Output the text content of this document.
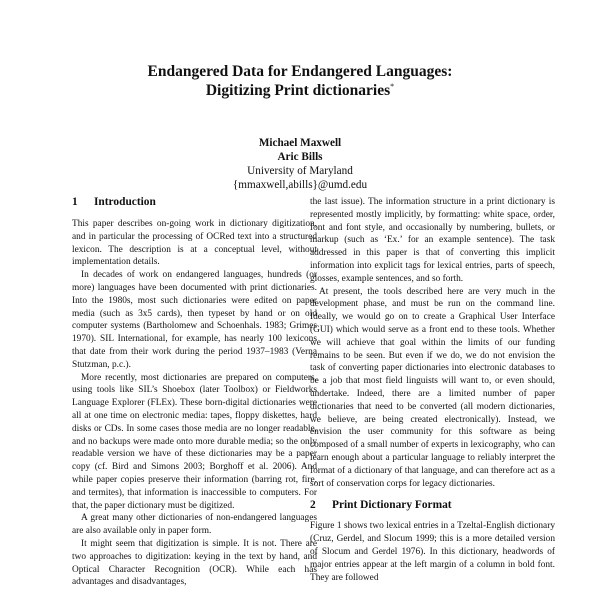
Endangered Data for Endangered Languages:
Digitizing Print dictionaries*
Michael Maxwell
Aric Bills
University of Maryland
{mmaxwell,abills}@umd.edu
1 Introduction

This paper describes on-going work in dictionary digitization, and in particular the processing of OCRed text into a structured lexicon. The description is at a conceptual level, without implementation details.

In decades of work on endangered languages, hundreds (or more) languages have been documented with print dictionaries. Into the 1980s, most such dictionaries were edited on paper media (such as 3x5 cards), then typeset by hand or on old computer systems (Bartholomew and Schoenhals. 1983; Grimes 1970). SIL International, for example, has nearly 100 lexicons that date from their work during the period 1937–1983 (Verna Stutzman, p.c.).

More recently, most dictionaries are prepared on computers, using tools like SIL’s Shoebox (later Toolbox) or Fieldworks Language Explorer (FLEx). These born-digital dictionaries were all at one time on electronic media: tapes, floppy diskettes, hard disks or CDs. In some cases those media are no longer readable, and no backups were made onto more durable media; so the only readable version we have of these dictionaries may be a paper copy (cf. Bird and Simons 2003; Borghoff et al. 2006). And while paper copies preserve their information (barring rot, fire, and termites), that information is inaccessible to computers. For that, the paper dictionary must be digitized.

A great many other dictionaries of non-endangered languages are also available only in paper form.

It might seem that digitization is simple. It is not. There are two approaches to digitization: keying in the text by hand, and Optical Character Recognition (OCR). While each has advantages and disadvantages,

the last issue). The information structure in a print dictionary is represented mostly implicitly, by formatting: white space, order, font and font style, and occasionally by numbering, bullets, or markup (such as ‘Ex.’ for an example sentence). The task addressed in this paper is that of converting this implicit information into explicit tags for lexical entries, parts of speech, glosses, example sentences, and so forth.

At present, the tools described here are very much in the development phase, and must be run on the command line. Ideally, we would go on to create a Graphical User Interface (GUI) which would serve as a front end to these tools. Whether we will achieve that goal within the limits of our funding remains to be seen. But even if we do, we do not envision the task of converting paper dictionaries into electronic databases to be a job that most field linguists will want to, or even should, undertake. Indeed, there are a limited number of paper dictionaries that need to be converted (all modern dictionaries, we believe, are being created electronically). Instead, we envision the user community for this software as being composed of a small number of experts in lexicography, who can learn enough about a particular language to reliably interpret the format of a dictionary of that language, and can therefore act as a sort of conservation corps for legacy dictionaries.

2 Print Dictionary Format

Figure 1 shows two lexical entries in a Tzeltal-English dictionary (Cruz, Gerdel, and Slocum 1999; this is a more detailed version of Slocum and Gerdel 1976). In this dictionary, headwords of major entries appear at the left margin of a column in bold font. They are followed
